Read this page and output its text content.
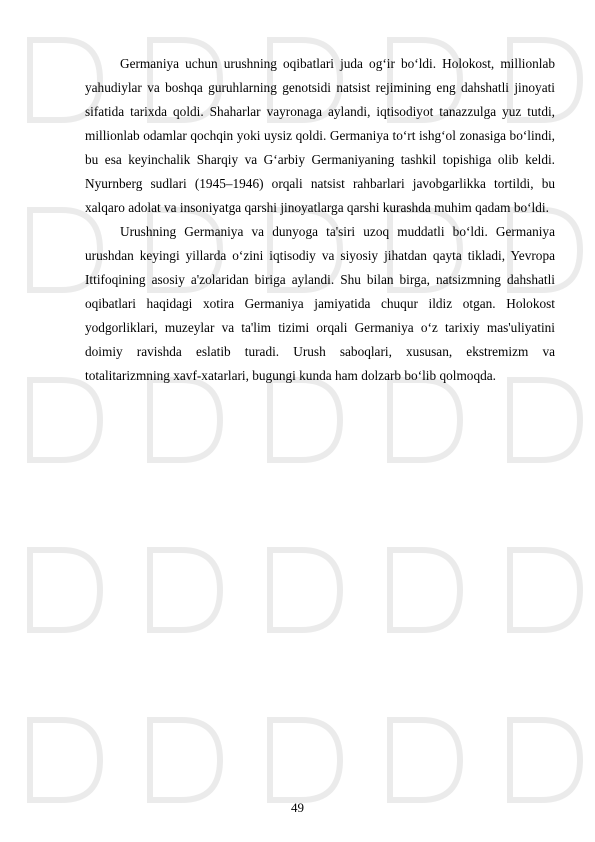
Germaniya uchun urushning oqibatlari juda ogʻir boʻldi. Holokost, millionlab yahudiylar va boshqa guruhlarning genotsidi natsist rejimining eng dahshatli jinoyati sifatida tarixda qoldi. Shaharlar vayronaga aylandi, iqtisodiyot tanazzulga yuz tutdi, millionlab odamlar qochqin yoki uysiz qoldi. Germaniya toʻrt ishgʻol zonasiga boʻlindi, bu esa keyinchalik Sharqiy va Gʻarbiy Germaniyaning tashkil topishiga olib keldi. Nyurnberg sudlari (1945–1946) orqali natsist rahbarlari javobgarlikka tortildi, bu xalqaro adolat va insoniyatga qarshi jinoyatlarga qarshi kurashda muhim qadam boʻldi.

Urushning Germaniya va dunyoga ta'siri uzoq muddatli boʻldi. Germaniya urushdan keyingi yillarda oʻzini iqtisodiy va siyosiy jihatdan qayta tikladi, Yevropa Ittifoqining asosiy a'zolaridan biriga aylandi. Shu bilan birga, natsizmning dahshatli oqibatlari haqidagi xotira Germaniya jamiyatida chuqur ildiz otgan. Holokost yodgorliklari, muzeylar va ta'lim tizimi orqali Germaniya oʻz tarixiy mas'uliyatini doimiy ravishda eslatib turadi. Urush saboqlari, xususan, ekstremizm va totalitarizmning xavf-xatarlari, bugungi kunda ham dolzarb boʻlib qolmoqda.

49
